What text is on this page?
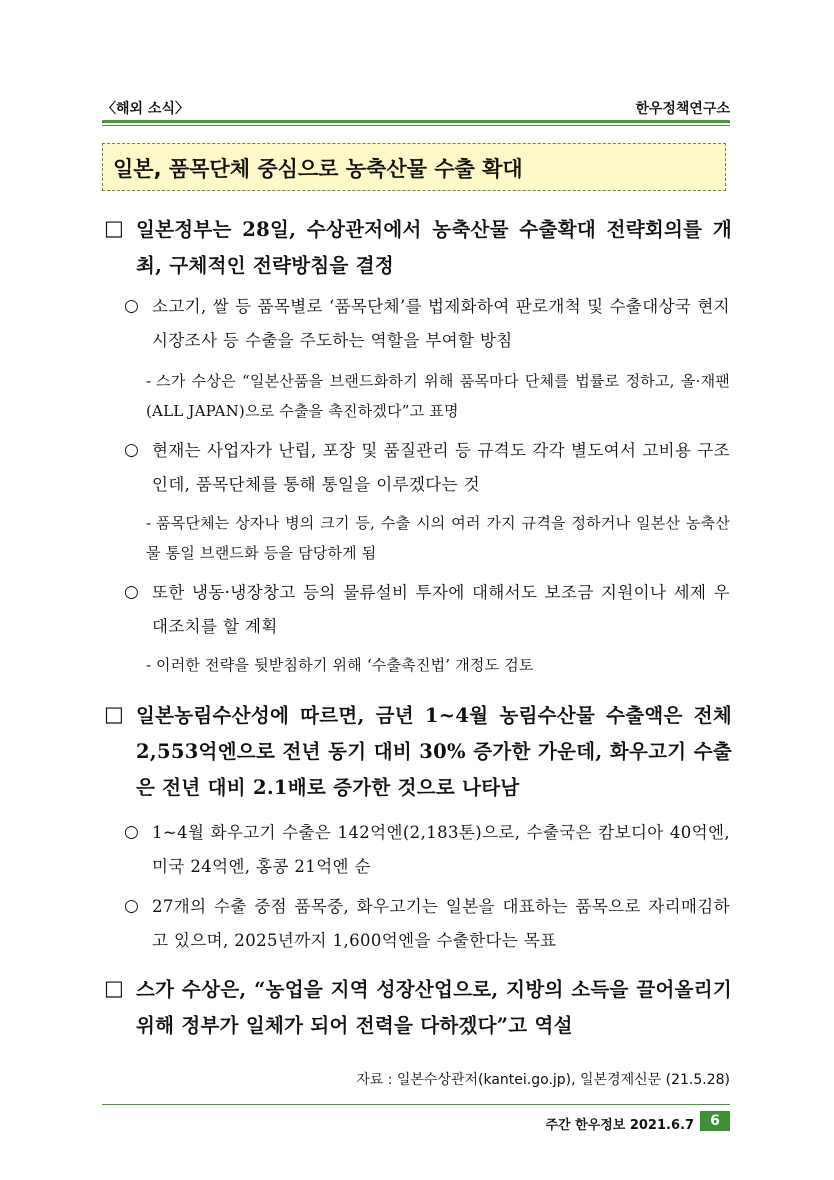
〈해외 소식〉	한우정책연구소
일본, 품목단체 중심으로 농축산물 수출 확대
□ 일본정부는 28일, 수상관저에서 농축산물 수출확대 전략회의를 개최, 구체적인 전략방침을 결정
○ 소고기, 쌀 등 품목별로 ‘품목단체’를 법제화하여 판로개척 및 수출대상국 현지 시장조사 등 수출을 주도하는 역할을 부여할 방침
- 스가 수상은 “일본산품을 브랜드화하기 위해 품목마다 단체를 법률로 정하고, 올·재팬(ALL JAPAN)으로 수출을 촉진하겠다”고 표명
○ 현재는 사업자가 난립, 포장 및 품질관리 등 규격도 각각 별도여서 고비용 구조인데, 품목단체를 통해 통일을 이루겠다는 것
- 품목단체는 상자나 병의 크기 등, 수출 시의 여러 가지 규격을 정하거나 일본산 농축산물 통일 브랜드화 등을 담당하게 됨
○ 또한 냉동·냉장창고 등의 물류설비 투자에 대해서도 보조금 지원이나 세제 우대조치를 할 계획
- 이러한 전략을 뒷받침하기 위해 ‘수출촉진법’ 개정도 검토
□ 일본농림수산성에 따르면, 금년 1~4월 농림수산물 수출액은 전체 2,553억엔으로 전년 동기 대비 30% 증가한 가운데, 화우고기 수출은 전년 대비 2.1배로 증가한 것으로 나타남
○ 1~4월 화우고기 수출은 142억엔(2,183톤)으로, 수출국은 캄보디아 40억엔, 미국 24억엔, 홍콩 21억엔 순
○ 27개의 수출 중점 품목중, 화우고기는 일본을 대표하는 품목으로 자리매김하고 있으며, 2025년까지 1,600억엔을 수출한다는 목표
□ 스가 수상은, “농업을 지역 성장산업으로, 지방의 소득을 끌어올리기 위해 정부가 일체가 되어 전력을 다하겠다”고 역설
자료 : 일본수상관저(kantei.go.jp), 일본경제신문 (21.5.28)
주간 한우정보 2021.6.7	6
